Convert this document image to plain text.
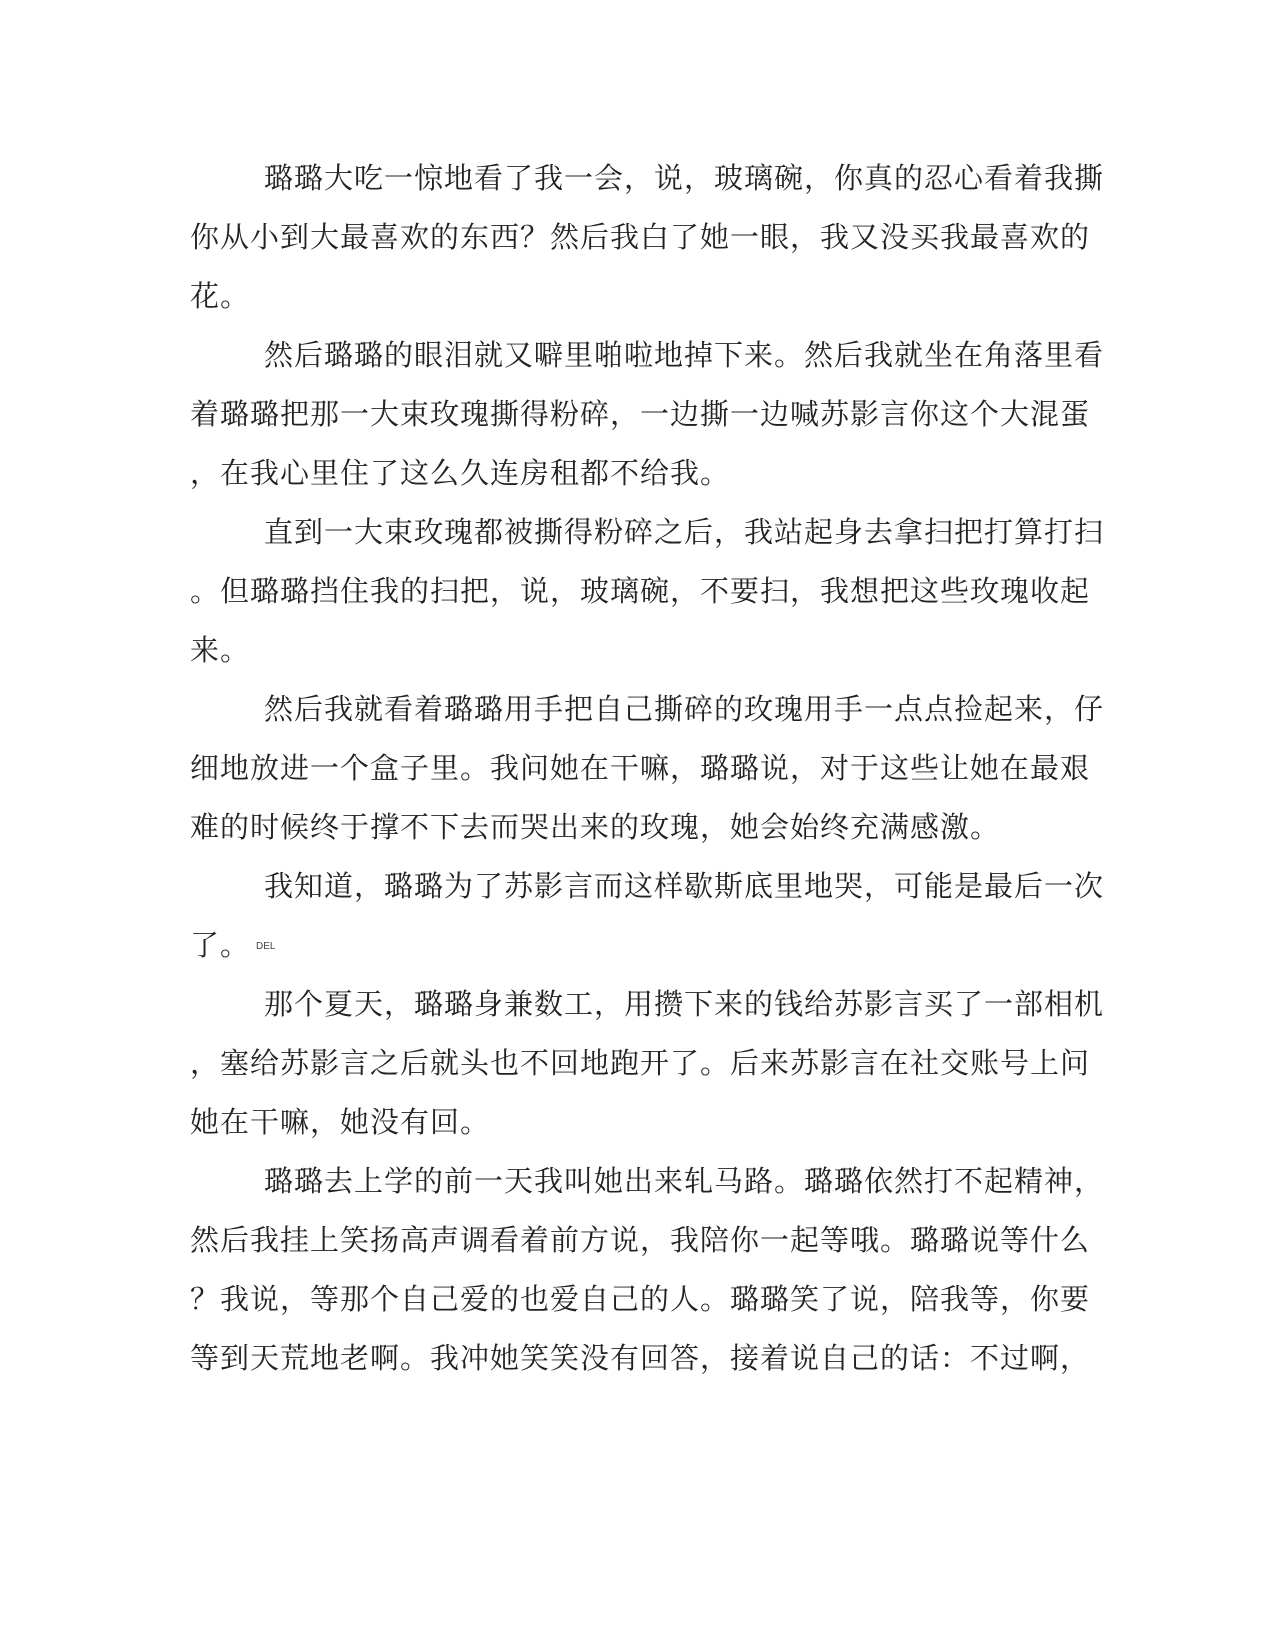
璐璐大吃一惊地看了我一会，说，玻璃碗，你真的忍心看着我撕
你从小到大最喜欢的东西？然后我白了她一眼，我又没买我最喜欢的
花。
然后璐璐的眼泪就又噼里啪啦地掉下来。然后我就坐在角落里看
着璐璐把那一大束玫瑰撕得粉碎，一边撕一边喊苏影言你这个大混蛋
，在我心里住了这么久连房租都不给我。
直到一大束玫瑰都被撕得粉碎之后，我站起身去拿扫把打算打扫
。但璐璐挡住我的扫把，说，玻璃碗，不要扫，我想把这些玫瑰收起
来。
然后我就看着璐璐用手把自己撕碎的玫瑰用手一点点捡起来，仔
细地放进一个盒子里。我问她在干嘛，璐璐说，对于这些让她在最艰
难的时候终于撑不下去而哭出来的玫瑰，她会始终充满感激。
我知道，璐璐为了苏影言而这样歇斯底里地哭，可能是最后一次
了。 DEL
那个夏天，璐璐身兼数工，用攒下来的钱给苏影言买了一部相机
，塞给苏影言之后就头也不回地跑开了。后来苏影言在社交账号上问
她在干嘛，她没有回。
璐璐去上学的前一天我叫她出来轧马路。璐璐依然打不起精神，
然后我挂上笑扬高声调看着前方说，我陪你一起等哦。璐璐说等什么
？我说，等那个自己爱的也爱自己的人。璐璐笑了说，陪我等，你要
等到天荒地老啊。我冲她笑笑没有回答，接着说自己的话：不过啊，
